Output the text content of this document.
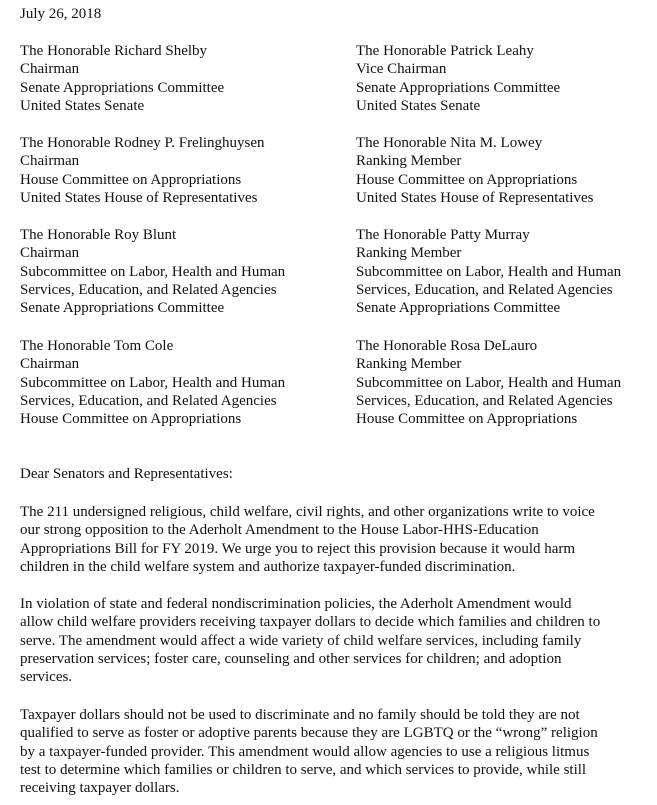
July 26, 2018
The Honorable Richard Shelby
Chairman
Senate Appropriations Committee
United States Senate
The Honorable Patrick Leahy
Vice Chairman
Senate Appropriations Committee
United States Senate
The Honorable Rodney P. Frelinghuysen
Chairman
House Committee on Appropriations
United States House of Representatives
The Honorable Nita M. Lowey
Ranking Member
House Committee on Appropriations
United States House of Representatives
The Honorable Roy Blunt
Chairman
Subcommittee on Labor, Health and Human
Services, Education, and Related Agencies
Senate Appropriations Committee
The Honorable Patty Murray
Ranking Member
Subcommittee on Labor, Health and Human
Services, Education, and Related Agencies
Senate Appropriations Committee
The Honorable Tom Cole
Chairman
Subcommittee on Labor, Health and Human
Services, Education, and Related Agencies
House Committee on Appropriations
The Honorable Rosa DeLauro
Ranking Member
Subcommittee on Labor, Health and Human
Services, Education, and Related Agencies
House Committee on Appropriations
Dear Senators and Representatives:
The 211 undersigned religious, child welfare, civil rights, and other organizations write to voice
our strong opposition to the Aderholt Amendment to the House Labor-HHS-Education
Appropriations Bill for FY 2019. We urge you to reject this provision because it would harm
children in the child welfare system and authorize taxpayer-funded discrimination.
In violation of state and federal nondiscrimination policies, the Aderholt Amendment would
allow child welfare providers receiving taxpayer dollars to decide which families and children to
serve. The amendment would affect a wide variety of child welfare services, including family
preservation services; foster care, counseling and other services for children; and adoption
services.
Taxpayer dollars should not be used to discriminate and no family should be told they are not
qualified to serve as foster or adoptive parents because they are LGBTQ or the “wrong” religion
by a taxpayer-funded provider. This amendment would allow agencies to use a religious litmus
test to determine which families or children to serve, and which services to provide, while still
receiving taxpayer dollars.
